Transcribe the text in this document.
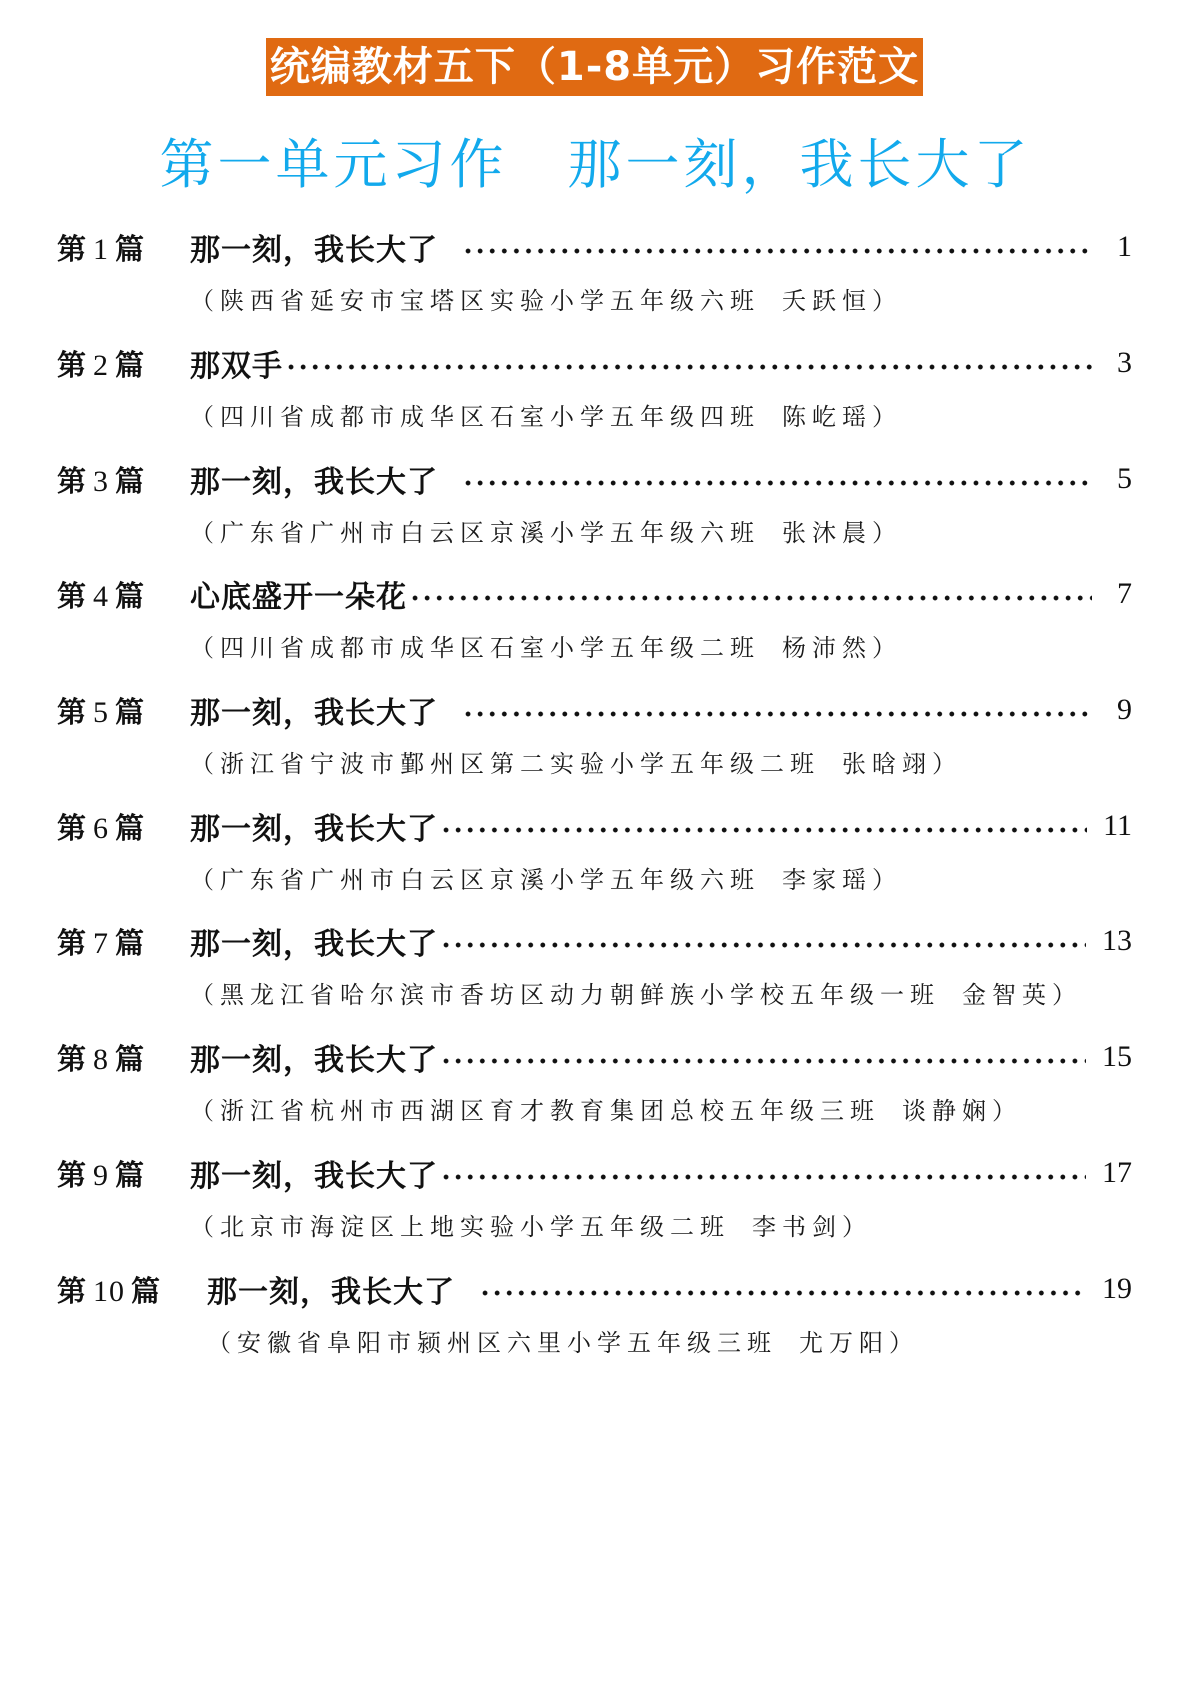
统编教材五下（1-8单元）习作范文
第一单元习作 那一刻，我长大了
第 1 篇	那一刻，我长大了	1
（陕西省延安市宝塔区实验小学五年级六班 夭跃恒）
第 2 篇	那双手	3
（四川省成都市成华区石室小学五年级四班 陈屹瑶）
第 3 篇	那一刻，我长大了	5
（广东省广州市白云区京溪小学五年级六班 张沐晨）
第 4 篇	心底盛开一朵花	7
（四川省成都市成华区石室小学五年级二班 杨沛然）
第 5 篇	那一刻，我长大了	9
（浙江省宁波市鄞州区第二实验小学五年级二班 张晗翊）
第 6 篇	那一刻，我长大了	11
（广东省广州市白云区京溪小学五年级六班 李家瑶）
第 7 篇	那一刻，我长大了	13
（黑龙江省哈尔滨市香坊区动力朝鲜族小学校五年级一班 金智英）
第 8 篇	那一刻，我长大了	15
（浙江省杭州市西湖区育才教育集团总校五年级三班 谈静娴）
第 9 篇	那一刻，我长大了	17
（北京市海淀区上地实验小学五年级二班 李书剑）
第 10 篇	那一刻，我长大了	19
（安徽省阜阳市颍州区六里小学五年级三班 尤万阳）
